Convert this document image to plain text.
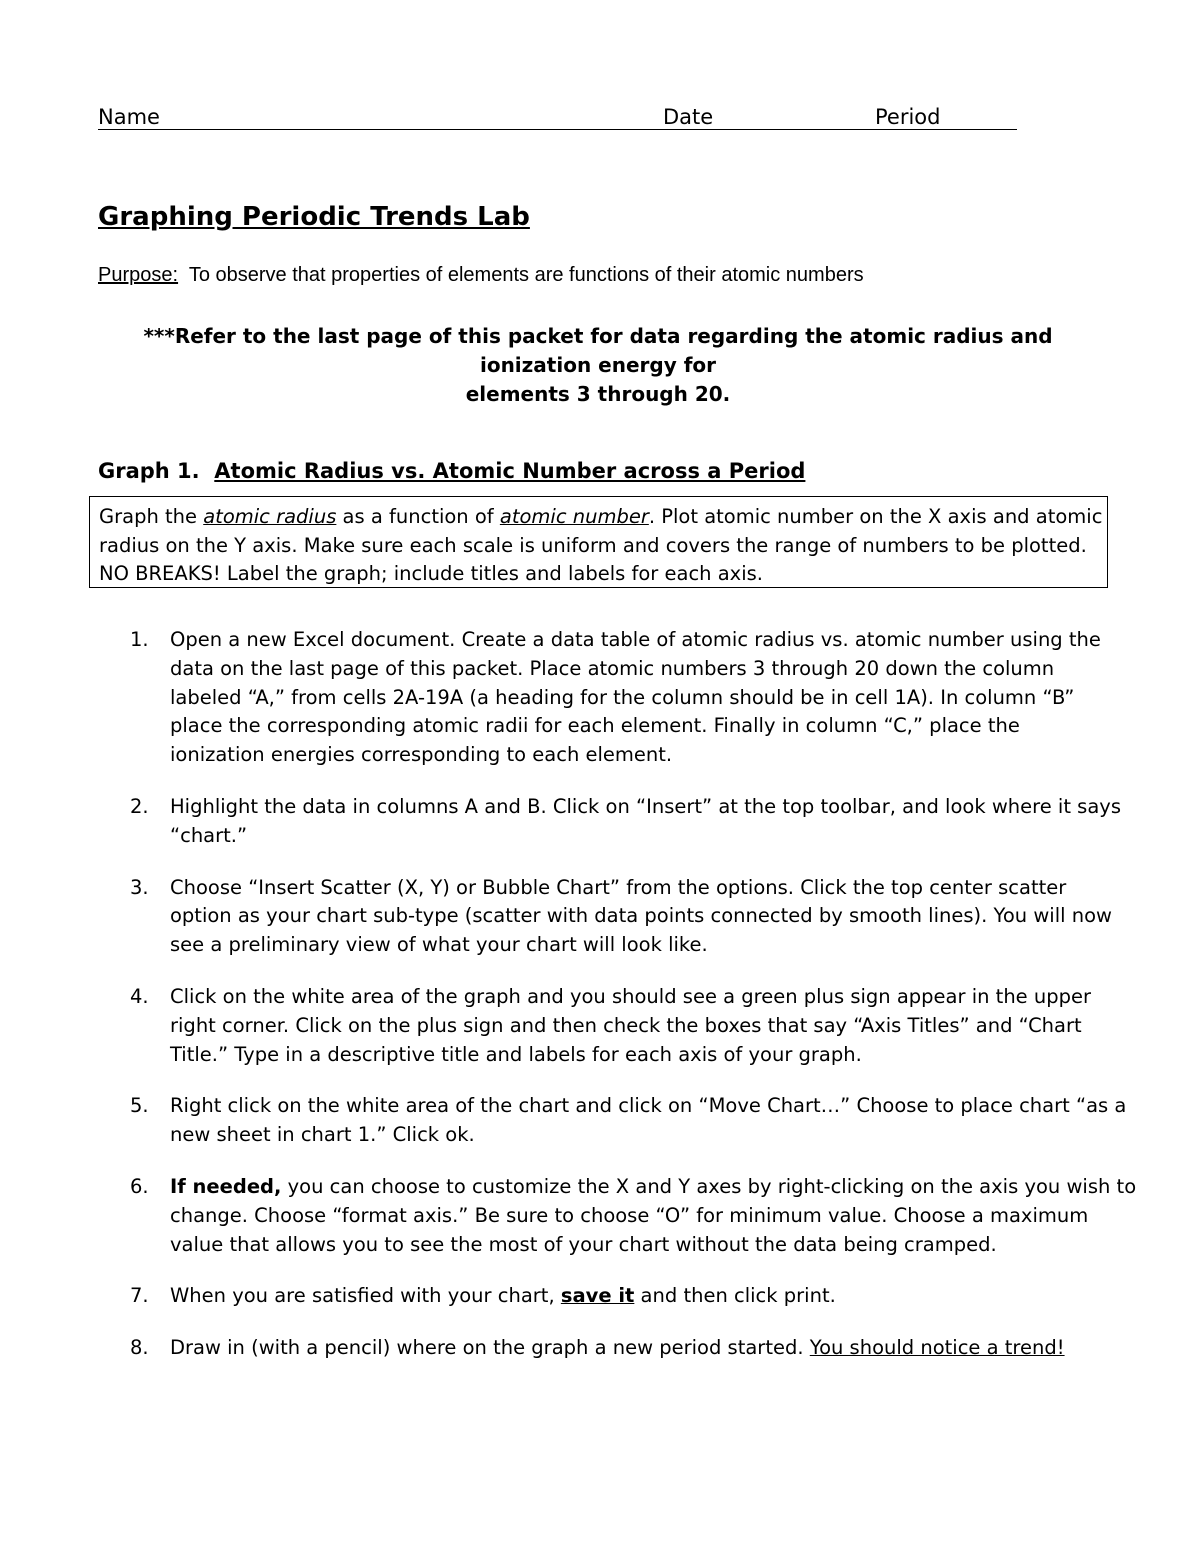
Name	Date	Period
Graphing Periodic Trends Lab
Purpose: To observe that properties of elements are functions of their atomic numbers
***Refer to the last page of this packet for data regarding the atomic radius and ionization energy for
elements 3 through 20.
Graph 1. Atomic Radius vs. Atomic Number across a Period
Graph the atomic radius as a function of atomic number. Plot atomic number on the X axis and atomic
radius on the Y axis. Make sure each scale is uniform and covers the range of numbers to be plotted.
NO BREAKS! Label the graph; include titles and labels for each axis.
1.	Open a new Excel document. Create a data table of atomic radius vs. atomic number using the
data on the last page of this packet. Place atomic numbers 3 through 20 down the column
labeled “A,” from cells 2A-19A (a heading for the column should be in cell 1A). In column “B”
place the corresponding atomic radii for each element. Finally in column “C,” place the
ionization energies corresponding to each element.
2.	Highlight the data in columns A and B. Click on “Insert” at the top toolbar, and look where it says
“chart.”
3.	Choose “Insert Scatter (X, Y) or Bubble Chart” from the options. Click the top center scatter
option as your chart sub-type (scatter with data points connected by smooth lines). You will now
see a preliminary view of what your chart will look like.
4.	Click on the white area of the graph and you should see a green plus sign appear in the upper
right corner. Click on the plus sign and then check the boxes that say “Axis Titles” and “Chart
Title.” Type in a descriptive title and labels for each axis of your graph.
5.	Right click on the white area of the chart and click on “Move Chart…” Choose to place chart “as a
new sheet in chart 1.” Click ok.
6.	If needed, you can choose to customize the X and Y axes by right-clicking on the axis you wish to
change. Choose “format axis.” Be sure to choose “O” for minimum value. Choose a maximum
value that allows you to see the most of your chart without the data being cramped.
7.	When you are satisfied with your chart, save it and then click print.
8.	Draw in (with a pencil) where on the graph a new period started. You should notice a trend!
